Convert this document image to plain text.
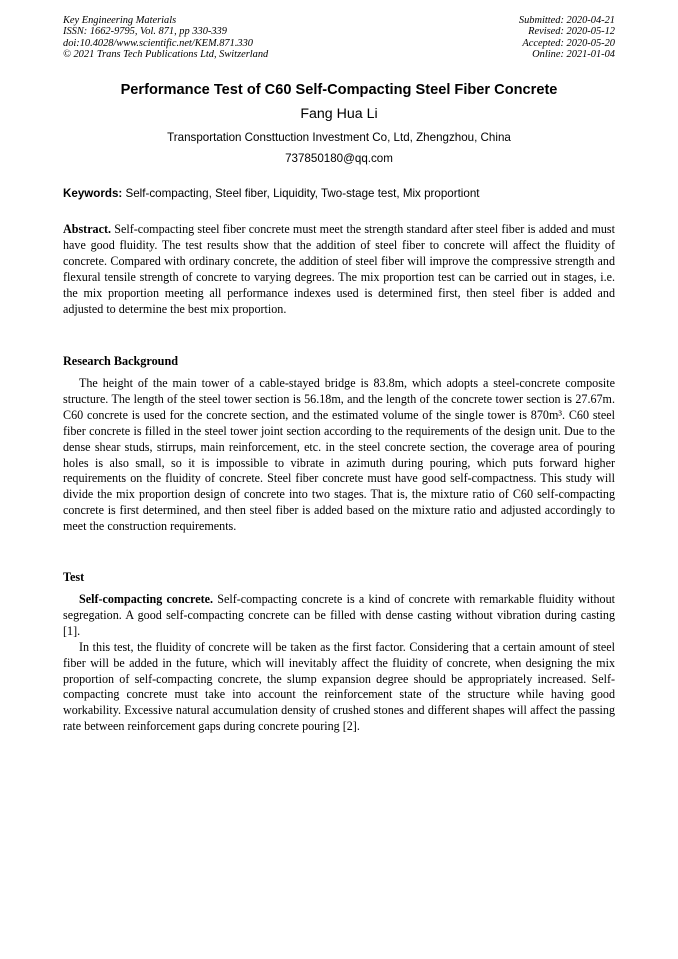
Key Engineering Materials
ISSN: 1662-9795, Vol. 871, pp 330-339
doi:10.4028/www.scientific.net/KEM.871.330
© 2021 Trans Tech Publications Ltd, Switzerland
Submitted: 2020-04-21
Revised: 2020-05-12
Accepted: 2020-05-20
Online: 2021-01-04
Performance Test of C60 Self-Compacting Steel Fiber Concrete
Fang Hua Li
Transportation Consttuction Investment Co, Ltd, Zhengzhou, China
737850180@qq.com
Keywords: Self-compacting, Steel fiber, Liquidity, Two-stage test, Mix proportiont

Abstract. Self-compacting steel fiber concrete must meet the strength standard after steel fiber is added and must have good fluidity. The test results show that the addition of steel fiber to concrete will affect the fluidity of concrete. Compared with ordinary concrete, the addition of steel fiber will improve the compressive strength and flexural tensile strength of concrete to varying degrees. The mix proportion test can be carried out in stages, i.e. the mix proportion meeting all performance indexes used is determined first, then steel fiber is added and adjusted to determine the best mix proportion.

Research Background

The height of the main tower of a cable-stayed bridge is 83.8m, which adopts a steel-concrete composite structure. The length of the steel tower section is 56.18m, and the length of the concrete tower section is 27.67m. C60 concrete is used for the concrete section, and the estimated volume of the single tower is 870m³. C60 steel fiber concrete is filled in the steel tower joint section according to the requirements of the design unit. Due to the dense shear studs, stirrups, main reinforcement, etc. in the steel concrete section, the coverage area of pouring holes is also small, so it is impossible to vibrate in azimuth during pouring, which puts forward higher requirements on the fluidity of concrete. Steel fiber concrete must have good self-compactness. This study will divide the mix proportion design of concrete into two stages. That is, the mixture ratio of C60 self-compacting concrete is first determined, and then steel fiber is added based on the mixture ratio and adjusted accordingly to meet the construction requirements.

Test

Self-compacting concrete. Self-compacting concrete is a kind of concrete with remarkable fluidity without segregation. A good self-compacting concrete can be filled with dense casting without vibration during casting [1].

In this test, the fluidity of concrete will be taken as the first factor. Considering that a certain amount of steel fiber will be added in the future, which will inevitably affect the fluidity of concrete, when designing the mix proportion of self-compacting concrete, the slump expansion degree should be appropriately increased. Self-compacting concrete must take into account the reinforcement state of the structure while having good workability. Excessive natural accumulation density of crushed stones and different shapes will affect the passing rate between reinforcement gaps during concrete pouring [2].
